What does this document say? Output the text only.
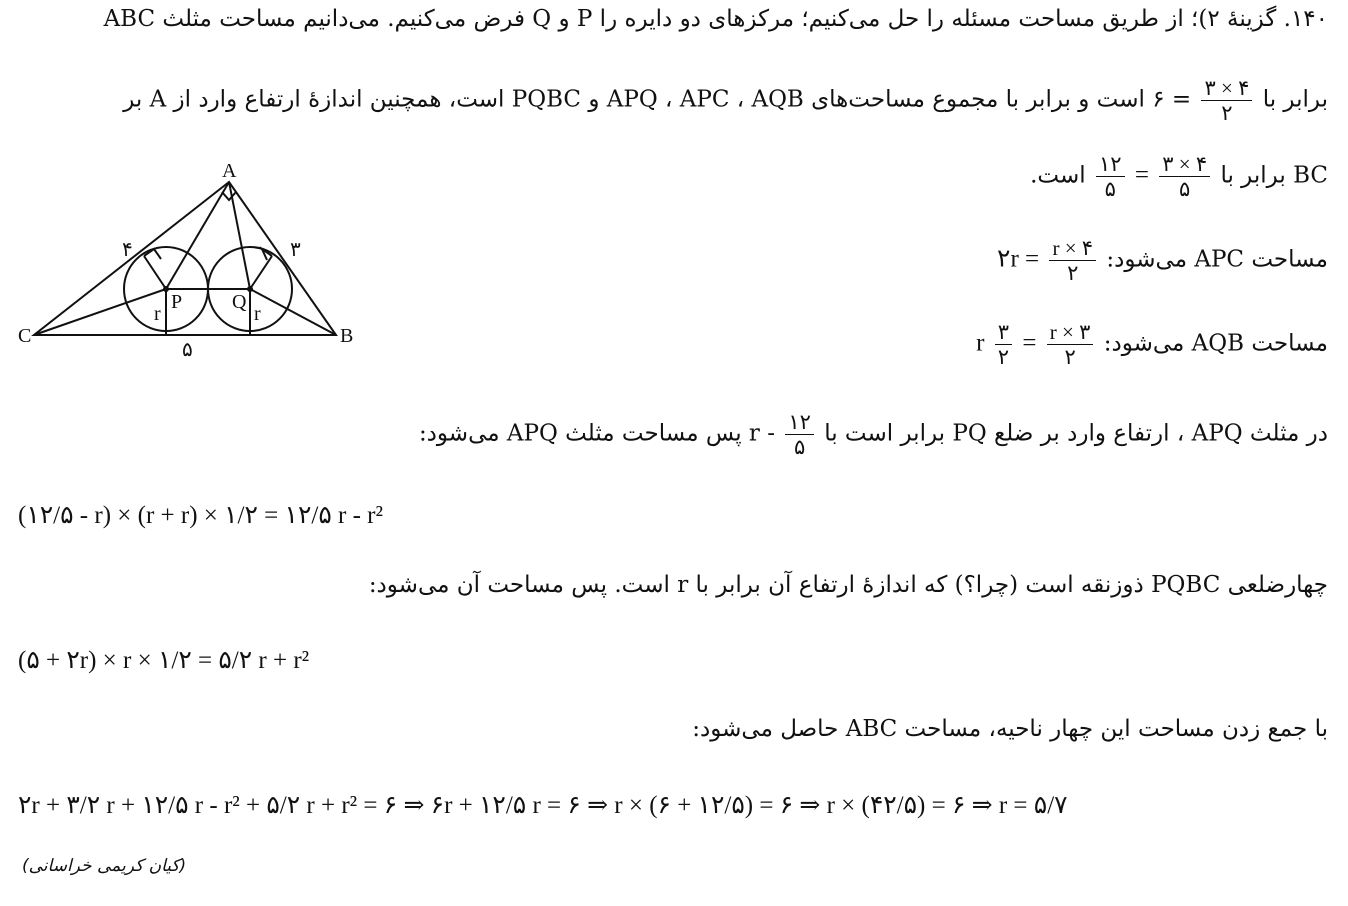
۱۴۰. گزینهٔ ۲)؛ از طریق مساحت مسئله را حل می‌کنیم؛ مرکزهای دو دایره را P و Q فرض می‌کنیم. می‌دانیم مساحت مثلث ABC
برابر با
$\frac{۳ \times ۴}{۲}$
= ۶ است و برابر با مجموع مساحت‌های APQ ، APC ، AQB و PQBC است، همچنین اندازهٔ ارتفاع وارد از A بر
BC برابر با
$\frac{۳ \times ۴}{۵}$
=
$\frac{۱۲}{۵}$
است.
مساحت APC می‌شود:
$\frac{r \times ۴}{۲}$
= ۲r
مساحت AQB می‌شود:
$\frac{r \times ۳}{۲}$
=
$\frac{۳}{۲}$
r
A
C	B
P Q
r	r
۴	۳
۵
در مثلث APQ ، ارتفاع وارد بر ضلع PQ برابر است با
$\frac{۱۲}{۵}$
- r پس مساحت مثلث APQ می‌شود:
(۱۲/۵ - r) × (r + r) × ۱/۲ = ۱۲/۵ r - r²
چهارضلعی PQBC ذوزنقه است (چرا؟) که اندازهٔ ارتفاع آن برابر با r است. پس مساحت آن می‌شود:
(۵ + ۲r) × r × ۱/۲ = ۵/۲ r + r²
با جمع زدن مساحت این چهار ناحیه، مساحت ABC حاصل می‌شود:
۲r + ۳/۲ r + ۱۲/۵ r - r² + ۵/۲ r + r² = ۶ ⇒ ۶r + ۱۲/۵ r = ۶ ⇒ r × (۶ + ۱۲/۵) = ۶ ⇒ r × (۴۲/۵) = ۶ ⇒ r = ۵/۷
(کیان کریمی خراسانی)
